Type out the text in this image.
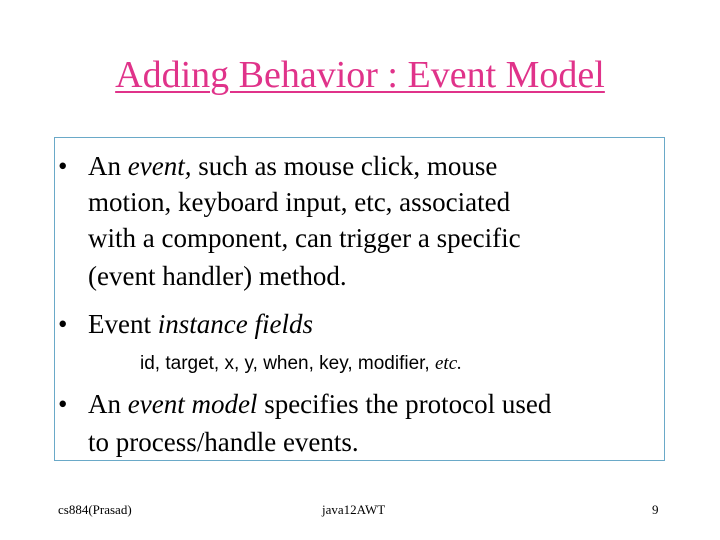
Adding Behavior : Event Model
• An event, such as mouse click, mouse
motion, keyboard input, etc, associated
with a component, can trigger a specific
(event handler) method.
• Event instance fields
id, target, x, y, when, key, modifier, etc.
• An event model specifies the protocol used
to process/handle events.
cs884(Prasad)	java12AWT	9
